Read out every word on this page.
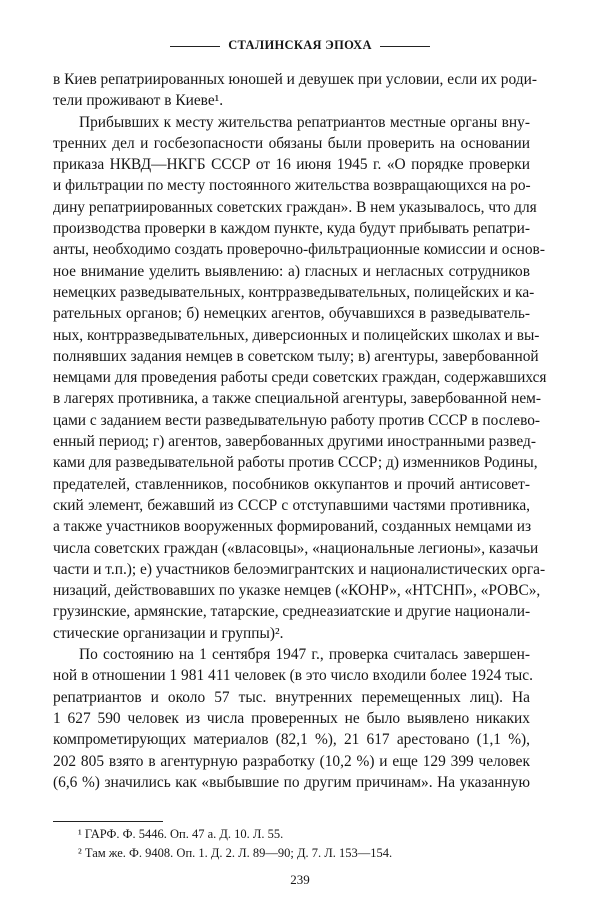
СТАЛИНСКАЯ ЭПОХА
в Киев репатриированных юношей и девушек при условии, если их роди-
тели проживают в Киеве¹.
Прибывших к месту жительства репатриантов местные органы вну-
тренних дел и госбезопасности обязаны были проверить на основании
приказа НКВД—НКГБ СССР от 16 июня 1945 г. «О порядке проверки
и фильтрации по месту постоянного жительства возвращающихся на ро-
дину репатриированных советских граждан». В нем указывалось, что для
производства проверки в каждом пункте, куда будут прибывать репатри-
анты, необходимо создать проверочно-фильтрационные комиссии и основ-
ное внимание уделить выявлению: а) гласных и негласных сотрудников
немецких разведывательных, контрразведывательных, полицейских и ка-
рательных органов; б) немецких агентов, обучавшихся в разведыватель-
ных, контрразведывательных, диверсионных и полицейских школах и вы-
полнявших задания немцев в советском тылу; в) агентуры, завербованной
немцами для проведения работы среди советских граждан, содержавшихся
в лагерях противника, а также специальной агентуры, завербованной нем-
цами с заданием вести разведывательную работу против СССР в послево-
енный период; г) агентов, завербованных другими иностранными развед-
ками для разведывательной работы против СССР; д) изменников Родины,
предателей, ставленников, пособников оккупантов и прочий антисовет-
ский элемент, бежавший из СССР с отступавшими частями противника,
а также участников вооруженных формирований, созданных немцами из
числа советских граждан («власовцы», «национальные легионы», казачьи
части и т.п.); е) участников белоэмигрантских и националистических орга-
низаций, действовавших по указке немцев («КОНР», «НТСНП», «РОВС»,
грузинские, армянские, татарские, среднеазиатские и другие национали-
стические организации и группы)².
По состоянию на 1 сентября 1947 г., проверка считалась завершен-
ной в отношении 1 981 411 человек (в это число входили более 1924 тыс.
репатриантов и около 57 тыс. внутренних перемещенных лиц). На
1 627 590 человек из числа проверенных не было выявлено никаких
компрометирующих материалов (82,1 %), 21 617 арестовано (1,1 %),
202 805 взято в агентурную разработку (10,2 %) и еще 129 399 человек
(6,6 %) значились как «выбывшие по другим причинам». На указанную
¹ ГАРФ. Ф. 5446. Оп. 47 а. Д. 10. Л. 55.
² Там же. Ф. 9408. Оп. 1. Д. 2. Л. 89—90; Д. 7. Л. 153—154.
239
